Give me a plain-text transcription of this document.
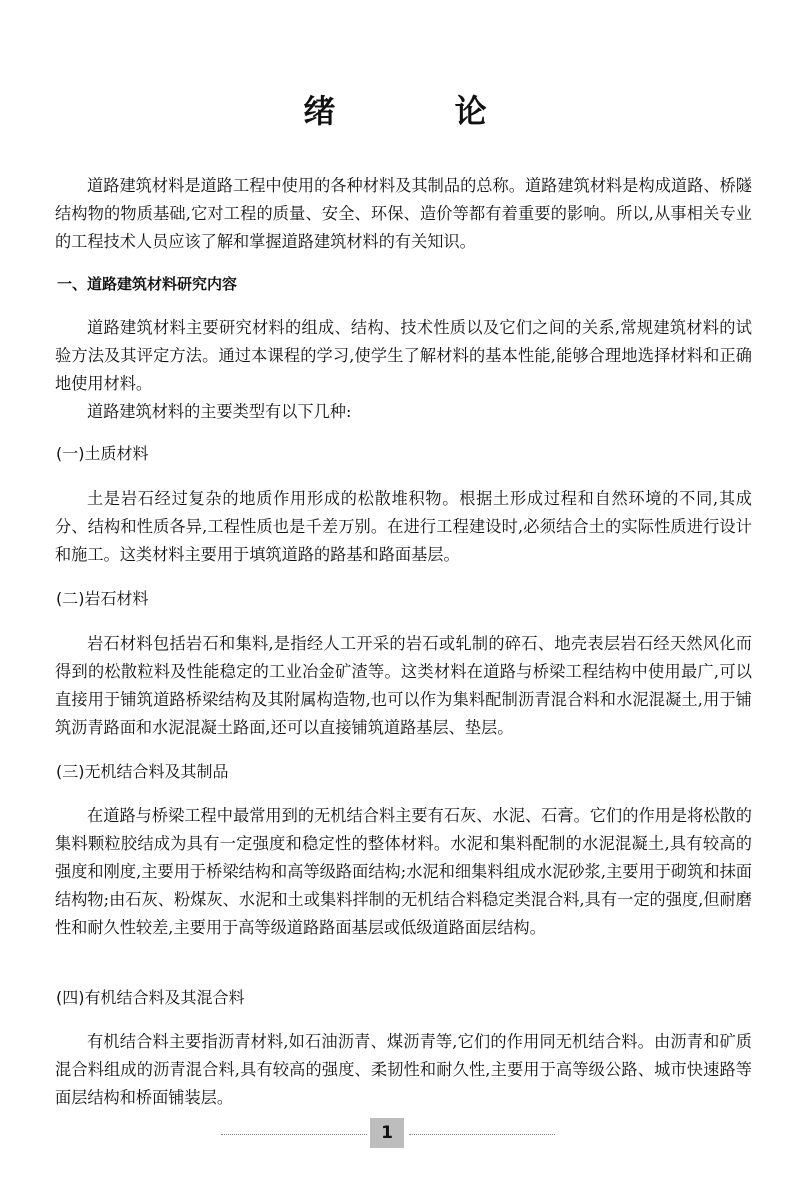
绪 论

道路建筑材料是道路工程中使用的各种材料及其制品的总称。道路建筑材料是构成道路、桥隧结构物的物质基础,它对工程的质量、安全、环保、造价等都有着重要的影响。所以,从事相关专业的工程技术人员应该了解和掌握道路建筑材料的有关知识。

一、道路建筑材料研究内容

道路建筑材料主要研究材料的组成、结构、技术性质以及它们之间的关系,常规建筑材料的试验方法及其评定方法。通过本课程的学习,使学生了解材料的基本性能,能够合理地选择材料和正确地使用材料。

道路建筑材料的主要类型有以下几种:

(一)土质材料

土是岩石经过复杂的地质作用形成的松散堆积物。根据土形成过程和自然环境的不同,其成分、结构和性质各异,工程性质也是千差万别。在进行工程建设时,必须结合土的实际性质进行设计和施工。这类材料主要用于填筑道路的路基和路面基层。

(二)岩石材料

岩石材料包括岩石和集料,是指经人工开采的岩石或轧制的碎石、地壳表层岩石经天然风化而得到的松散粒料及性能稳定的工业冶金矿渣等。这类材料在道路与桥梁工程结构中使用最广,可以直接用于铺筑道路桥梁结构及其附属构造物,也可以作为集料配制沥青混合料和水泥混凝土,用于铺筑沥青路面和水泥混凝土路面,还可以直接铺筑道路基层、垫层。

(三)无机结合料及其制品

在道路与桥梁工程中最常用到的无机结合料主要有石灰、水泥、石膏。它们的作用是将松散的集料颗粒胶结成为具有一定强度和稳定性的整体材料。水泥和集料配制的水泥混凝土,具有较高的强度和刚度,主要用于桥梁结构和高等级路面结构;水泥和细集料组成水泥砂浆,主要用于砌筑和抹面结构物;由石灰、粉煤灰、水泥和土或集料拌制的无机结合料稳定类混合料,具有一定的强度,但耐磨性和耐久性较差,主要用于高等级道路路面基层或低级道路面层结构。

(四)有机结合料及其混合料

有机结合料主要指沥青材料,如石油沥青、煤沥青等,它们的作用同无机结合料。由沥青和矿质混合料组成的沥青混合料,具有较高的强度、柔韧性和耐久性,主要用于高等级公路、城市快速路等面层结构和桥面铺装层。

1
